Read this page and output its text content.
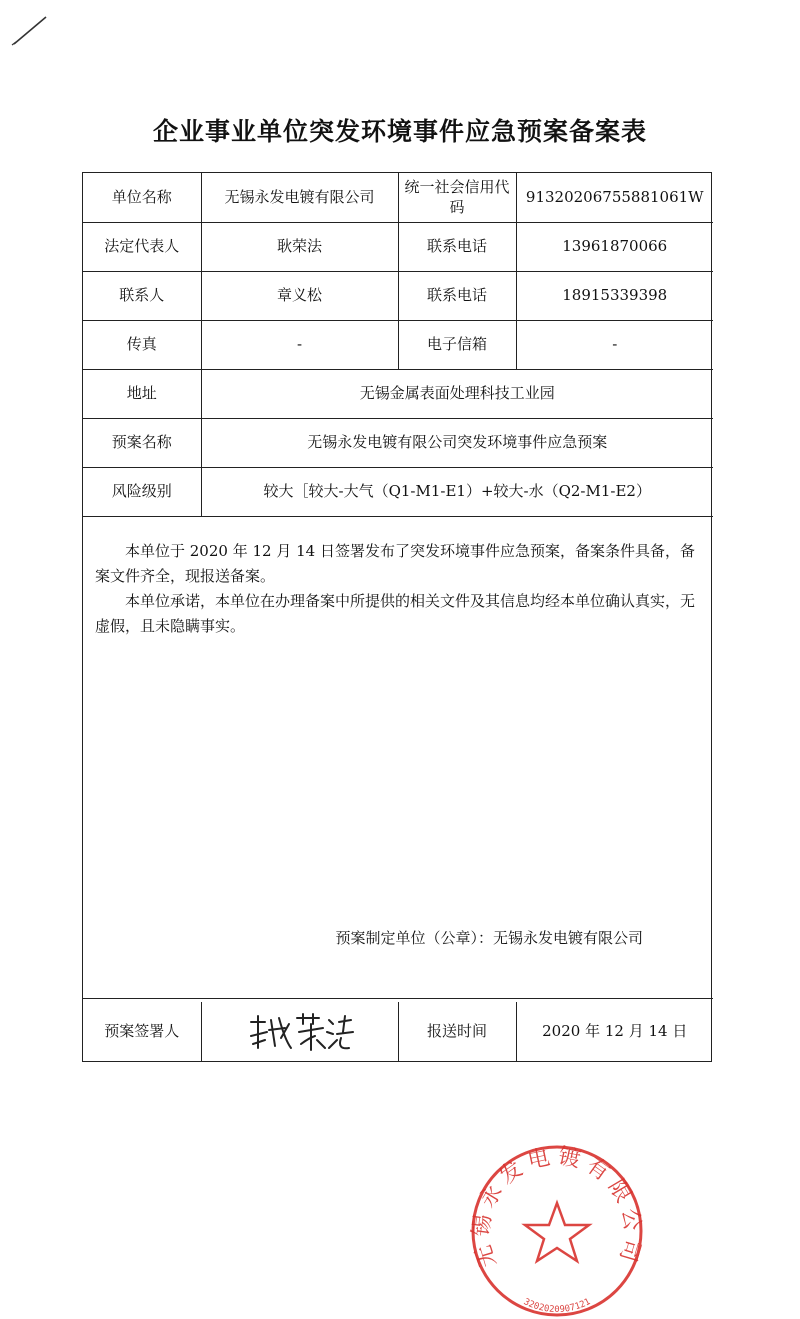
企业事业单位突发环境事件应急预案备案表
单位名称	无锡永发电镀有限公司	统一社会信用代码	91320206755881061W
法定代表人	耿荣法	联系电话	13961870066
联系人	章义松	联系电话	18915339398
传真	-	电子信箱	-
地址	无锡金属表面处理科技工业园		
预案名称	无锡永发电镀有限公司突发环境事件应急预案		
风险级别	较大［较大-大气（Q1-M1-E1）+较大-水（Q2-M1-E2）		

本单位于 2020 年 12 月 14 日签署发布了突发环境事件应急预案，备案条件具备，备案文件齐全，现报送备案。

本单位承诺，本单位在办理备案中所提供的相关文件及其信息均经本单位确认真实，无虚假，且未隐瞒事实。

无锡永发电镀有限公司
3202020907121
预案制定单位（公章）：无锡永发电镀有限公司
预案签署人		报送时间	2020 年 12 月 14 日
